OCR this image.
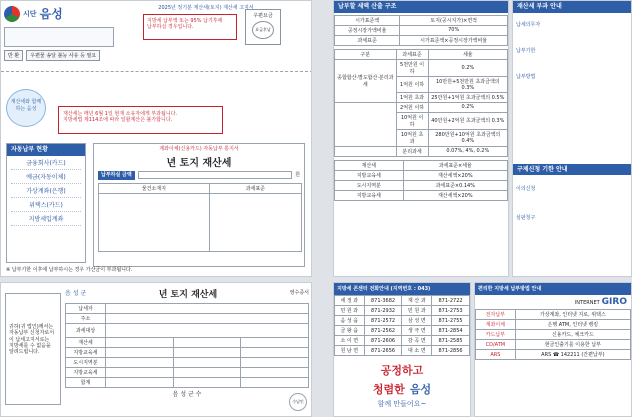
시단 음성
반 환	우편물 송달 불능 사유 등 필요
2025년 정기분 재산세(토지) 재산세 고지서
지방세 납부액 또는 95% 납기후에
납부하실 경우입니다.
우편요금
요금후납
재산세와 함께하는 음성
재산세는 매년 6월 1일 현재 소유자에게 부과됩니다.
지방세법 제114조에 따라 일할계산은 불가합니다.
자동납부 현황
금융회사(카드)
예금(자동이체)
가상계좌(은행)
위택스(카드)
지방세입계좌
계좌이체(신용카드) 자동납부 통지서
년 토지 재산세
납부하실 금액	원
물건소재지	과세표준

※ 납부기한 이후에 납부하시는 경우 가산금이 부과됩니다.
납부할 세액 산출 구조
시가표준액	토지(공시지가)×면적
공정시장가액비율	70%
과세표준	시가표준액×공정시장가액비율
구분	과세표준	세율
종합합산·별도합산·분리과세	5천만원 이하	0.2%
	1억원 이하	10만원+5천만원 초과금액의 0.3%
	1억원 초과	25만원+1억원 초과금액의 0.5%
	2억원 이하	0.2%
	10억원 이하	40만원+2억원 초과금액의 0.3%
	10억원 초과	280만원+10억원 초과금액의 0.4%
	분리과세	0.07%, 4%, 0.2%
재산세	과세표준×세율
지방교육세	재산세액×20%
도시지역분	과세표준×0.14%
지방교육세	재산세액×20%
재산세 부과 안내
납세의무자
납부기한
납부방법
구제신청 기한 안내
이의신청
심판청구
귀하(귀 법인)께서는
자동납부 신청자로서
이 납세고지서로는
지방세를 수 없음을
알려드립니다.
음 성 군	년 토지 재산세	영수증서
납세자			
주소			
과세대상			
재산세			
지방교육세			
도시지역분			
지방교육세			
합계			
음 성 군 수
수납인
지방세 콘센터 전화안내 (지역번호 : 043)
세 정 과	871-3682	재 산 과	871-2722
민 원 과	871-2932	민 원 과	871-2753
음 성 읍	871-2572	삼 성 면	871-2755
금 왕 읍	871-2562	생 극 면	871-2854
소 이 면	871-2606	감 곡 면	871-2585
원 남 면	871-2656	대 소 면	871-2856
공정하고
청렴한 음성
함께 만들어요~
편리한 지방세 납부방법 안내
INTERNET GIRO
전자납부	가상계좌, 인터넷 지로, 위택스
계좌이체	은행 ATM, 인터넷 뱅킹
카드납부	신용카드, 체크카드
CD/ATM	현금인출기를 이용한 납부
ARS	ARS ☎ 142211 (간편납부)
